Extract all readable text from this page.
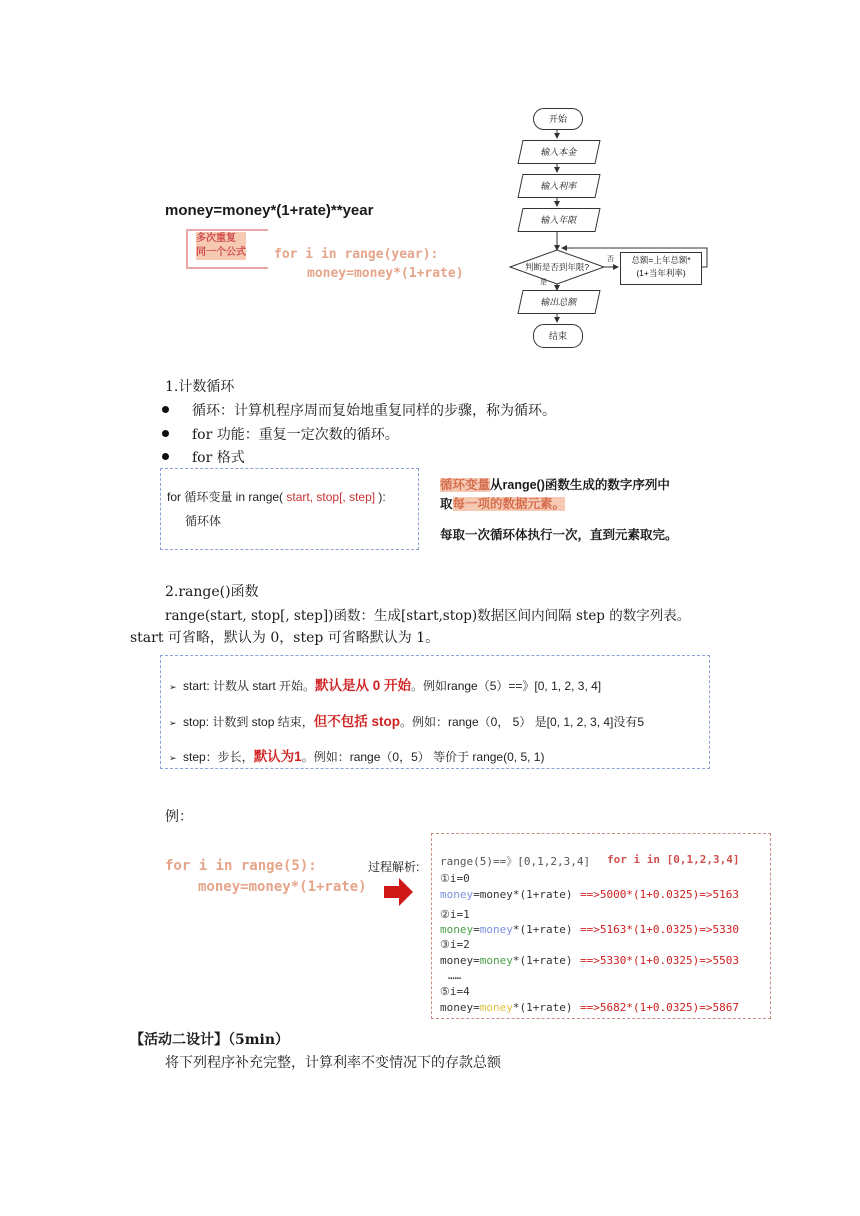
money=money*(1+rate)**year
多次重复
同一个公式 for i in range(year):
money=money*(1+rate)
开始
输入本金
输入利率
输入年限
判断是否到年限?
否
是
总额=上年总额*
(1+当年利率)
输出总额
结束
1.计数循环
循环：计算机程序周而复始地重复同样的步骤，称为循环。
for 功能：重复一定次数的循环。
for 格式
for 循环变量 in range( start, stop[, step] ):
循环体
循环变量从range()函数生成的数字序列中
取每一项的数据元素。
每取一次循环体执行一次，直到元素取完。
2.range()函数
range(start, stop[, step])函数：生成[start,stop)数据区间内间隔 step 的数字列表。
start 可省略，默认为 0，step 可省略默认为 1。
➢ start: 计数从 start 开始。默认是从 0 开始。例如range（5）==》[0, 1, 2, 3, 4]
➢ stop: 计数到 stop 结束，但不包括 stop。例如：range（0， 5） 是[0, 1, 2, 3, 4]没有5
➢ step：步长，默认为1。例如：range（0，5） 等价于 range(0, 5, 1)
例：
for i in range(5):
money=money*(1+rate)
过程解析: range(5)==》[0,1,2,3,4] for i in [0,1,2,3,4]
①i=0
money=money*(1+rate) ==>5000*(1+0.0325)=>5163
②i=1
money=money*(1+rate) ==>5163*(1+0.0325)=>5330
③i=2
money=money*(1+rate) ==>5330*(1+0.0325)=>5503
……
⑤i=4
money=money*(1+rate) ==>5682*(1+0.0325)=>5867
【活动二设计】（5min）
将下列程序补充完整，计算利率不变情况下的存款总额
